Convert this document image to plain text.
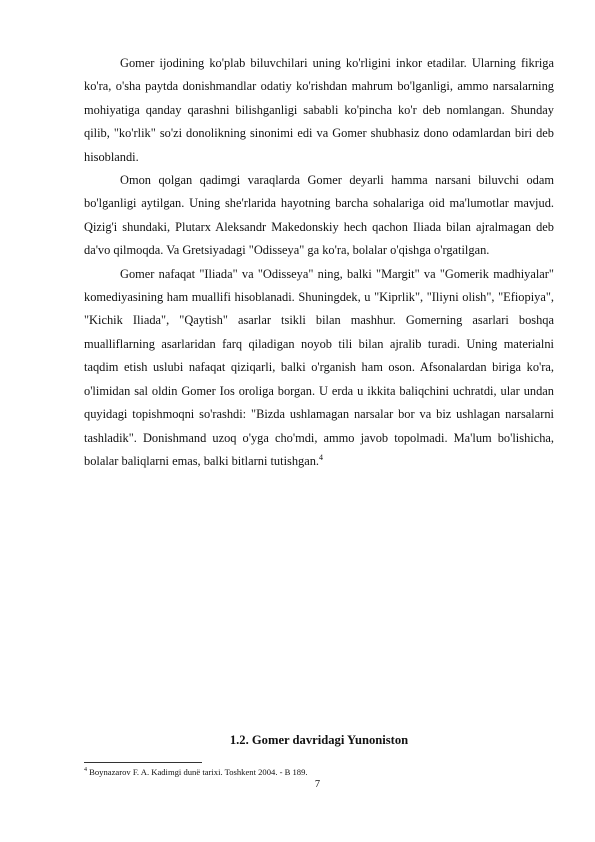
Gomer ijodining ko'plab biluvchilari uning ko'rligini inkor etadilar. Ularning fikriga ko'ra, o'sha paytda donishmandlar odatiy ko'rishdan mahrum bo'lganligi, ammo narsalarning mohiyatiga qanday qarashni bilishganligi sababli ko'pincha ko'r deb nomlangan. Shunday qilib, "ko'rlik" so'zi donolikning sinonimi edi va Gomer shubhasiz dono odamlardan biri deb hisoblandi.

Omon qolgan qadimgi varaqlarda Gomer deyarli hamma narsani biluvchi odam bo'lganligi aytilgan. Uning she'rlarida hayotning barcha sohalariga oid ma'lumotlar mavjud. Qizig'i shundaki, Plutarx Aleksandr Makedonskiy hech qachon Iliada bilan ajralmagan deb da'vo qilmoqda. Va Gretsiyadagi "Odisseya" ga ko'ra, bolalar o'qishga o'rgatilgan.

Gomer nafaqat "Iliada" va "Odisseya" ning, balki "Margit" va "Gomerik madhiyalar" komediyasining ham muallifi hisoblanadi. Shuningdek, u "Kiprlik", "Iliyni olish", "Efiopiya", "Kichik Iliada", "Qaytish" asarlar tsikli bilan mashhur. Gomerning asarlari boshqa mualliflarning asarlaridan farq qiladigan noyob tili bilan ajralib turadi. Uning materialni taqdim etish uslubi nafaqat qiziqarli, balki o'rganish ham oson. Afsonalardan biriga ko'ra, o'limidan sal oldin Gomer Ios oroliga borgan. U erda u ikkita baliqchini uchratdi, ular undan quyidagi topishmoqni so'rashdi: "Bizda ushlamagan narsalar bor va biz ushlagan narsalarni tashladik". Donishmand uzoq o'yga cho'mdi, ammo javob topolmadi. Ma'lum bo'lishicha, bolalar baliqlarni emas, balki bitlarni tutishgan.$^4$

1.2. Gomer davridagi Yunoniston

$^4$ Boynazarov F. A. Kadimgi dunë tarixi. Toshkent 2004. - B 189.

7
